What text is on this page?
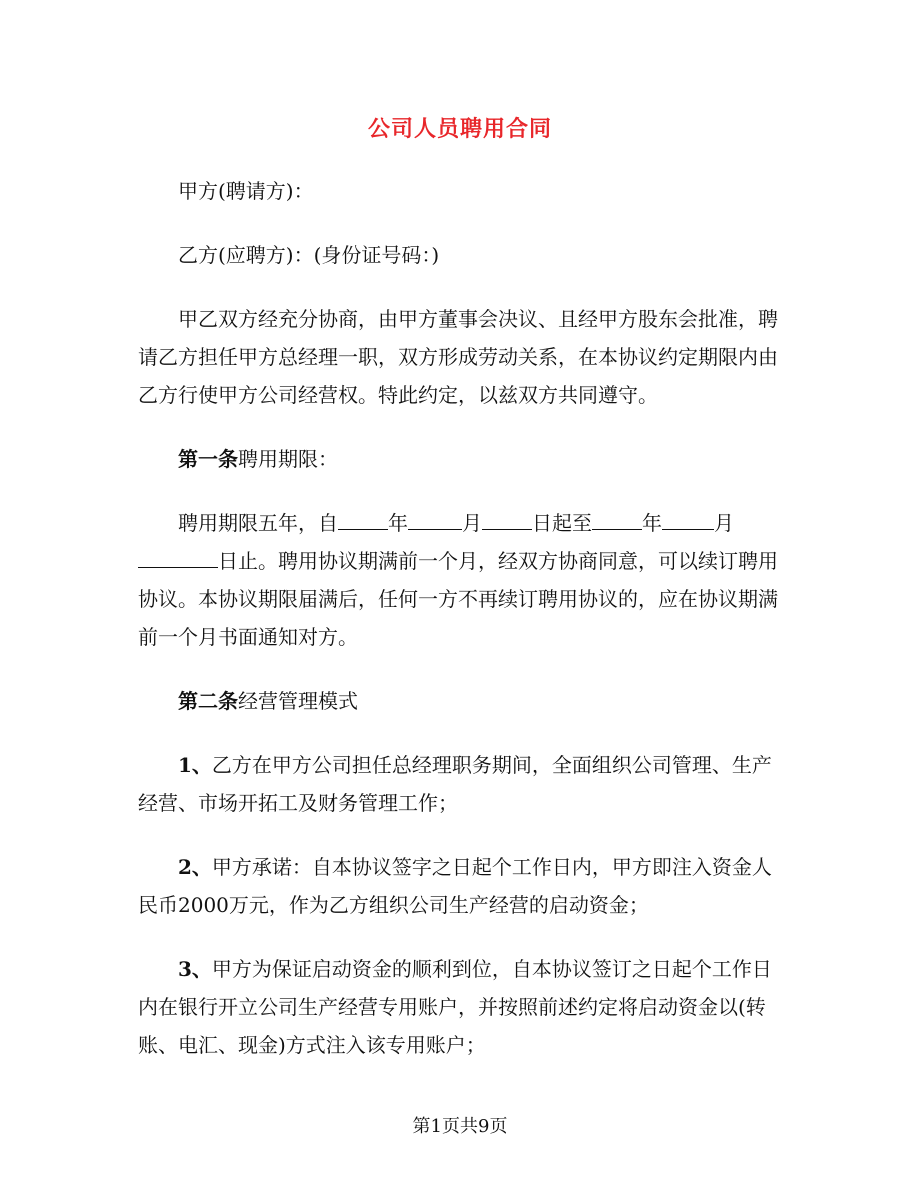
公司人员聘用合同

甲方(聘请方)：

乙方(应聘方)：(身份证号码：)

甲乙双方经充分协商，由甲方董事会决议、且经甲方股东会批准，聘请乙方担任甲方总经理一职，双方形成劳动关系，在本协议约定期限内由乙方行使甲方公司经营权。特此约定，以兹双方共同遵守。

第一条聘用期限：

聘用期限五年，自	年	月	日起至	年	月日止。聘用协议期满前一个月，经双方协商同意，可以续订聘用协议。本协议期限届满后，任何一方不再续订聘用协议的，应在协议期满前一个月书面通知对方。

第二条经营管理模式

1、乙方在甲方公司担任总经理职务期间，全面组织公司管理、生产经营、市场开拓工及财务管理工作；

2、甲方承诺：自本协议签字之日起个工作日内，甲方即注入资金人民币2000万元，作为乙方组织公司生产经营的启动资金；

3、甲方为保证启动资金的顺利到位，自本协议签订之日起个工作日内在银行开立公司生产经营专用账户，并按照前述约定将启动资金以(转账、电汇、现金)方式注入该专用账户；

第1页共9页
